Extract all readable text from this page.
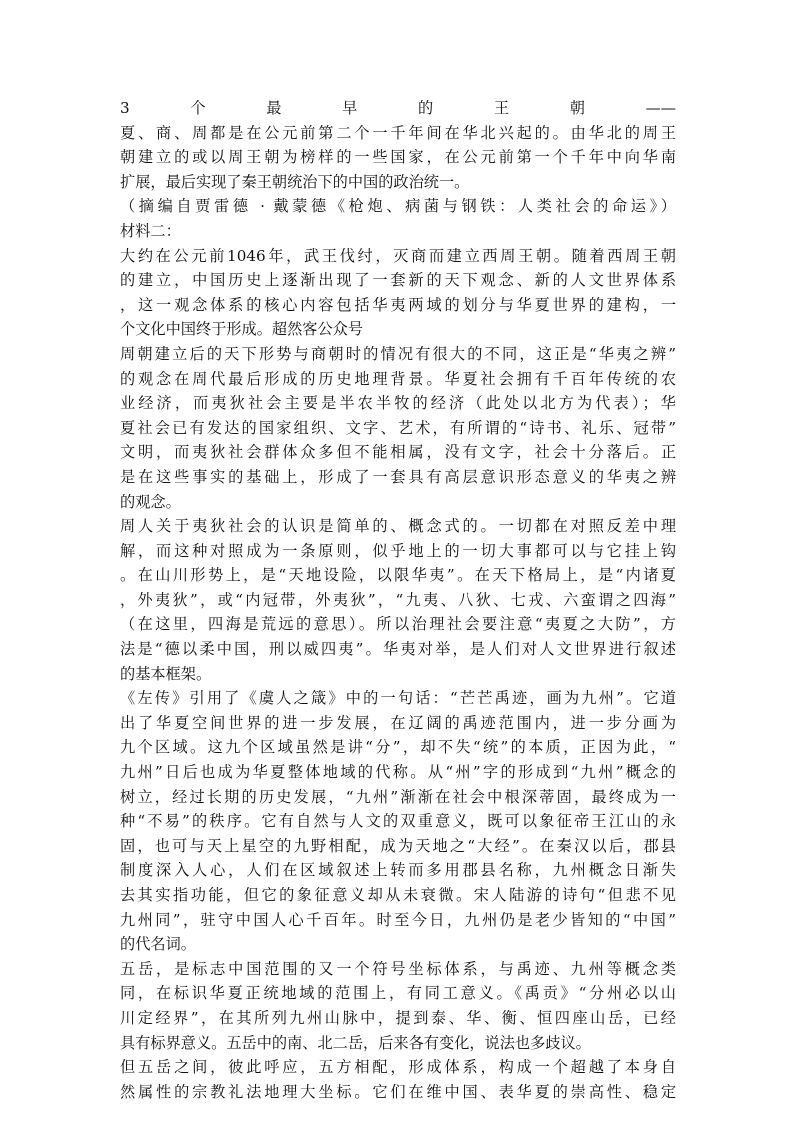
3	个	最	早	的	王	朝	——
夏、商、周都是在公元前第二个一千年间在华北兴起的。由华北的周王
朝建立的或以周王朝为榜样的一些国家，在公元前第一个千年中向华南
扩展，最后实现了秦王朝统治下的中国的政治统一。
（摘编自贾雷德 · 戴蒙德《枪炮、病菌与钢铁：人类社会的命运》）
材料二：
大约在公元前1046年，武王伐纣，灭商而建立西周王朝。随着西周王朝
的建立，中国历史上逐渐出现了一套新的天下观念、新的人文世界体系
，这一观念体系的核心内容包括华夷两域的划分与华夏世界的建构，一
个文化中国终于形成。超然客公众号
周朝建立后的天下形势与商朝时的情况有很大的不同，这正是“华夷之辨”
的观念在周代最后形成的历史地理背景。华夏社会拥有千百年传统的农
业经济，而夷狄社会主要是半农半牧的经济（此处以北方为代表）；华
夏社会已有发达的国家组织、文字、艺术，有所谓的“诗书、礼乐、冠带”
文明，而夷狄社会群体众多但不能相属，没有文字，社会十分落后。正
是在这些事实的基础上，形成了一套具有高层意识形态意义的华夷之辨
的观念。
周人关于夷狄社会的认识是简单的、概念式的。一切都在对照反差中理
解，而这种对照成为一条原则，似乎地上的一切大事都可以与它挂上钩
。在山川形势上，是“天地设险，以限华夷”。在天下格局上，是“内诸夏
，外夷狄”，或“内冠带，外夷狄”，“九夷、八狄、七戎、六蛮谓之四海”
（在这里，四海是荒远的意思）。所以治理社会要注意“夷夏之大防”，方
法是“德以柔中国，刑以威四夷”。华夷对举，是人们对人文世界进行叙述
的基本框架。
《左传》引用了《虞人之箴》中的一句话：“芒芒禹迹，画为九州”。它道
出了华夏空间世界的进一步发展，在辽阔的禹迹范围内，进一步分画为
九个区域。这九个区域虽然是讲“分”，却不失“统”的本质，正因为此，“
九州”日后也成为华夏整体地域的代称。从“州”字的形成到“九州”概念的
树立，经过长期的历史发展，“九州”渐渐在社会中根深蒂固，最终成为一
种“不易”的秩序。它有自然与人文的双重意义，既可以象征帝王江山的永
固，也可与天上星空的九野相配，成为天地之“大经”。在秦汉以后，郡县
制度深入人心，人们在区域叙述上转而多用郡县名称，九州概念日渐失
去其实指功能，但它的象征意义却从未衰微。宋人陆游的诗句“但悲不见
九州同”，驻守中国人心千百年。时至今日，九州仍是老少皆知的“中国”
的代名词。
五岳，是标志中国范围的又一个符号坐标体系，与禹迹、九州等概念类
同，在标识华夏正统地域的范围上，有同工意义。《禹贡》“分州必以山
川定经界”，在其所列九州山脉中，提到泰、华、衡、恒四座山岳，已经
具有标界意义。五岳中的南、北二岳，后来各有变化，说法也多歧议。
但五岳之间，彼此呼应，五方相配，形成体系，构成一个超越了本身自
然属性的宗教礼法地理大坐标。它们在维中国、表华夏的崇高性、稳定
